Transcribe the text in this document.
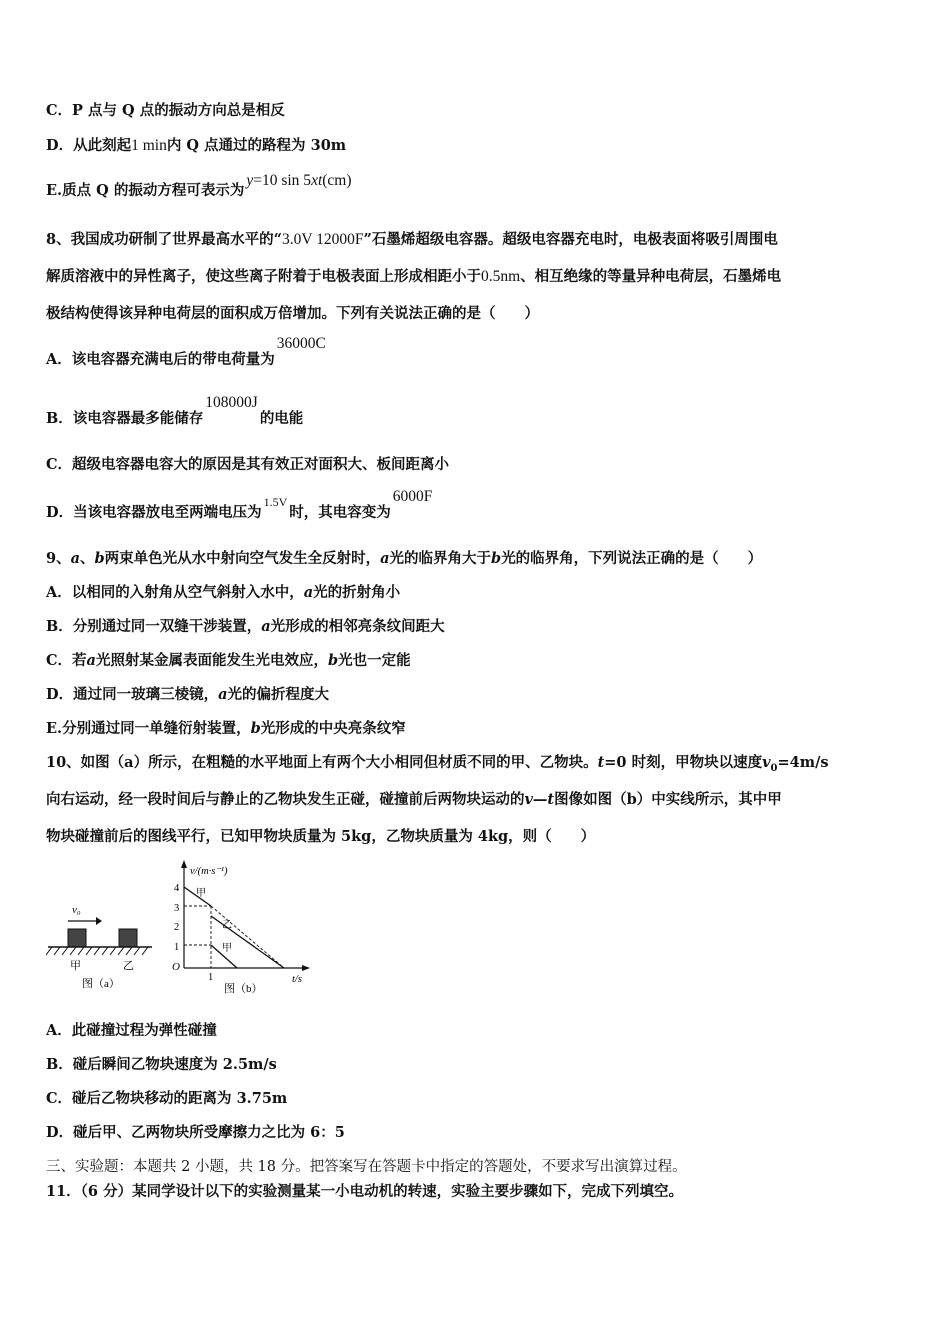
C．P 点与 Q 点的振动方向总是相反
D．从此刻起1 min内 Q 点通过的路程为 30m
E.质点 Q 的振动方程可表示为y=10 sin 5xt(cm)
8、我国成功研制了世界最高水平的“3.0V 12000F”石墨烯超级电容器。超级电容器充电时，电极表面将吸引周围电
解质溶液中的异性离子，使这些离子附着于电极表面上形成相距小于0.5nm、相互绝缘的等量异种电荷层，石墨烯电
极结构使得该异种电荷层的面积成万倍增加。下列有关说法正确的是（　　）
A．该电容器充满电后的带电荷量为36000C
B．该电容器最多能储存108000J的电能
C．超级电容器电容大的原因是其有效正对面积大、板间距离小
D．当该电容器放电至两端电压为$^{1.5V}$时，其电容变为6000F
9、a、b两束单色光从水中射向空气发生全反射时，a光的临界角大于b光的临界角，下列说法正确的是（　　）
A．以相同的入射角从空气斜射入水中，a光的折射角小
B．分别通过同一双缝干涉装置，a光形成的相邻亮条纹间距大
C．若a光照射某金属表面能发生光电效应，b光也一定能
D．通过同一玻璃三棱镜，a光的偏折程度大
E.分别通过同一单缝衍射装置，b光形成的中央亮条纹窄
10、如图（a）所示，在粗糙的水平地面上有两个大小相同但材质不同的甲、乙物块。t=0 时刻，甲物块以速度$v_0=4m/s$
向右运动，经一段时间后与静止的乙物块发生正碰，碰撞前后两物块运动的v—t图像如图（b）中实线所示，其中甲
物块碰撞前后的图线平行，已知甲物块质量为 5kg，乙物块质量为 4kg，则（　　）
v₀
甲	乙
图（a）
v/(m·s⁻¹)
t/s
O
4
3
2
1
1
甲
乙
甲
图（b）
A．此碰撞过程为弹性碰撞
B．碰后瞬间乙物块速度为 2.5m/s
C．碰后乙物块移动的距离为 3.75m
D．碰后甲、乙两物块所受摩擦力之比为 6：5
三、实验题：本题共 2 小题，共 18 分。把答案写在答题卡中指定的答题处，不要求写出演算过程。
11．（6 分）某同学设计以下的实验测量某一小电动机的转速，实验主要步骤如下，完成下列填空。
